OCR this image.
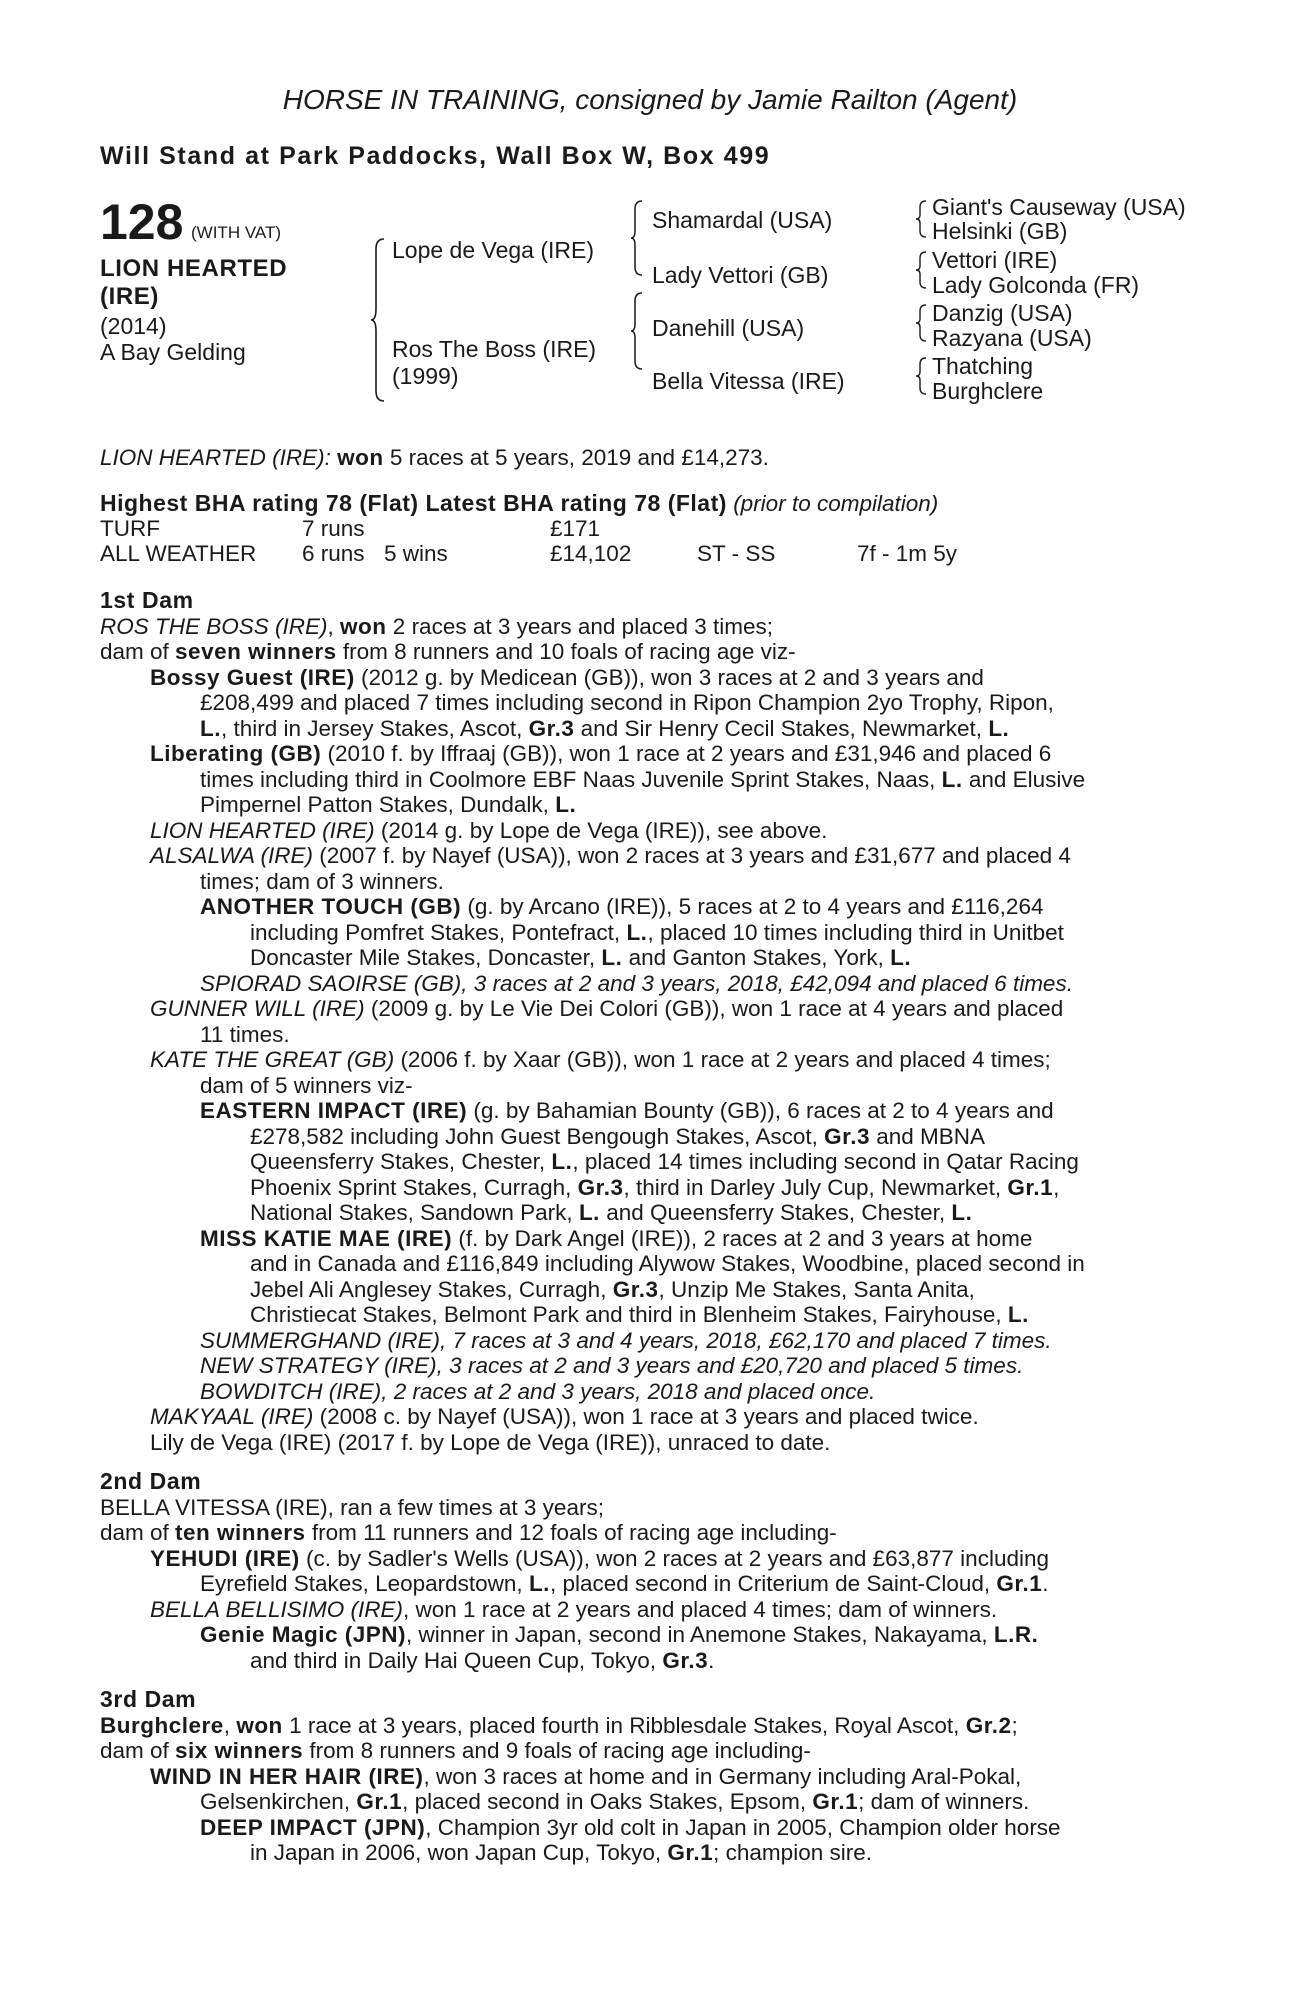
HORSE IN TRAINING, consigned by Jamie Railton (Agent)
Will Stand at Park Paddocks, Wall Box W, Box 499
128 (WITH VAT)
LION HEARTED
(IRE)
(2014)
A Bay Gelding
Lope de Vega (IRE)
Ros The Boss (IRE)
(1999)
Shamardal (USA)
Lady Vettori (GB)
Danehill (USA)
Bella Vitessa (IRE)
Giant's Causeway (USA)
Helsinki (GB)
Vettori (IRE)
Lady Golconda (FR)
Danzig (USA)
Razyana (USA)
Thatching
Burghclere
LION HEARTED (IRE): won 5 races at 5 years, 2019 and £14,273.
Highest BHA rating 78 (Flat) Latest BHA rating 78 (Flat) (prior to compilation)
TURF	7 runs	£171
ALL WEATHER 6 runs 5 wins	£14,102	ST - SS	7f - 1m 5y
1st Dam
ROS THE BOSS (IRE), won 2 races at 3 years and placed 3 times;
dam of seven winners from 8 runners and 10 foals of racing age viz-
Bossy Guest (IRE) (2012 g. by Medicean (GB)), won 3 races at 2 and 3 years and
£208,499 and placed 7 times including second in Ripon Champion 2yo Trophy, Ripon,
L., third in Jersey Stakes, Ascot, Gr.3 and Sir Henry Cecil Stakes, Newmarket, L.
Liberating (GB) (2010 f. by Iffraaj (GB)), won 1 race at 2 years and £31,946 and placed 6
times including third in Coolmore EBF Naas Juvenile Sprint Stakes, Naas, L. and Elusive
Pimpernel Patton Stakes, Dundalk, L.
LION HEARTED (IRE) (2014 g. by Lope de Vega (IRE)), see above.
ALSALWA (IRE) (2007 f. by Nayef (USA)), won 2 races at 3 years and £31,677 and placed 4
times; dam of 3 winners.
ANOTHER TOUCH (GB) (g. by Arcano (IRE)), 5 races at 2 to 4 years and £116,264
including Pomfret Stakes, Pontefract, L., placed 10 times including third in Unitbet
Doncaster Mile Stakes, Doncaster, L. and Ganton Stakes, York, L.
SPIORAD SAOIRSE (GB), 3 races at 2 and 3 years, 2018, £42,094 and placed 6 times.
GUNNER WILL (IRE) (2009 g. by Le Vie Dei Colori (GB)), won 1 race at 4 years and placed
11 times.
KATE THE GREAT (GB) (2006 f. by Xaar (GB)), won 1 race at 2 years and placed 4 times;
dam of 5 winners viz-
EASTERN IMPACT (IRE) (g. by Bahamian Bounty (GB)), 6 races at 2 to 4 years and
£278,582 including John Guest Bengough Stakes, Ascot, Gr.3 and MBNA
Queensferry Stakes, Chester, L., placed 14 times including second in Qatar Racing
Phoenix Sprint Stakes, Curragh, Gr.3, third in Darley July Cup, Newmarket, Gr.1,
National Stakes, Sandown Park, L. and Queensferry Stakes, Chester, L.
MISS KATIE MAE (IRE) (f. by Dark Angel (IRE)), 2 races at 2 and 3 years at home
and in Canada and £116,849 including Alywow Stakes, Woodbine, placed second in
Jebel Ali Anglesey Stakes, Curragh, Gr.3, Unzip Me Stakes, Santa Anita,
Christiecat Stakes, Belmont Park and third in Blenheim Stakes, Fairyhouse, L.
SUMMERGHAND (IRE), 7 races at 3 and 4 years, 2018, £62,170 and placed 7 times.
NEW STRATEGY (IRE), 3 races at 2 and 3 years and £20,720 and placed 5 times.
BOWDITCH (IRE), 2 races at 2 and 3 years, 2018 and placed once.
MAKYAAL (IRE) (2008 c. by Nayef (USA)), won 1 race at 3 years and placed twice.
Lily de Vega (IRE) (2017 f. by Lope de Vega (IRE)), unraced to date.
2nd Dam
BELLA VITESSA (IRE), ran a few times at 3 years;
dam of ten winners from 11 runners and 12 foals of racing age including-
YEHUDI (IRE) (c. by Sadler's Wells (USA)), won 2 races at 2 years and £63,877 including
Eyrefield Stakes, Leopardstown, L., placed second in Criterium de Saint-Cloud, Gr.1.
BELLA BELLISIMO (IRE), won 1 race at 2 years and placed 4 times; dam of winners.
Genie Magic (JPN), winner in Japan, second in Anemone Stakes, Nakayama, L.R.
and third in Daily Hai Queen Cup, Tokyo, Gr.3.
3rd Dam
Burghclere, won 1 race at 3 years, placed fourth in Ribblesdale Stakes, Royal Ascot, Gr.2;
dam of six winners from 8 runners and 9 foals of racing age including-
WIND IN HER HAIR (IRE), won 3 races at home and in Germany including Aral-Pokal,
Gelsenkirchen, Gr.1, placed second in Oaks Stakes, Epsom, Gr.1; dam of winners.
DEEP IMPACT (JPN), Champion 3yr old colt in Japan in 2005, Champion older horse
in Japan in 2006, won Japan Cup, Tokyo, Gr.1; champion sire.
